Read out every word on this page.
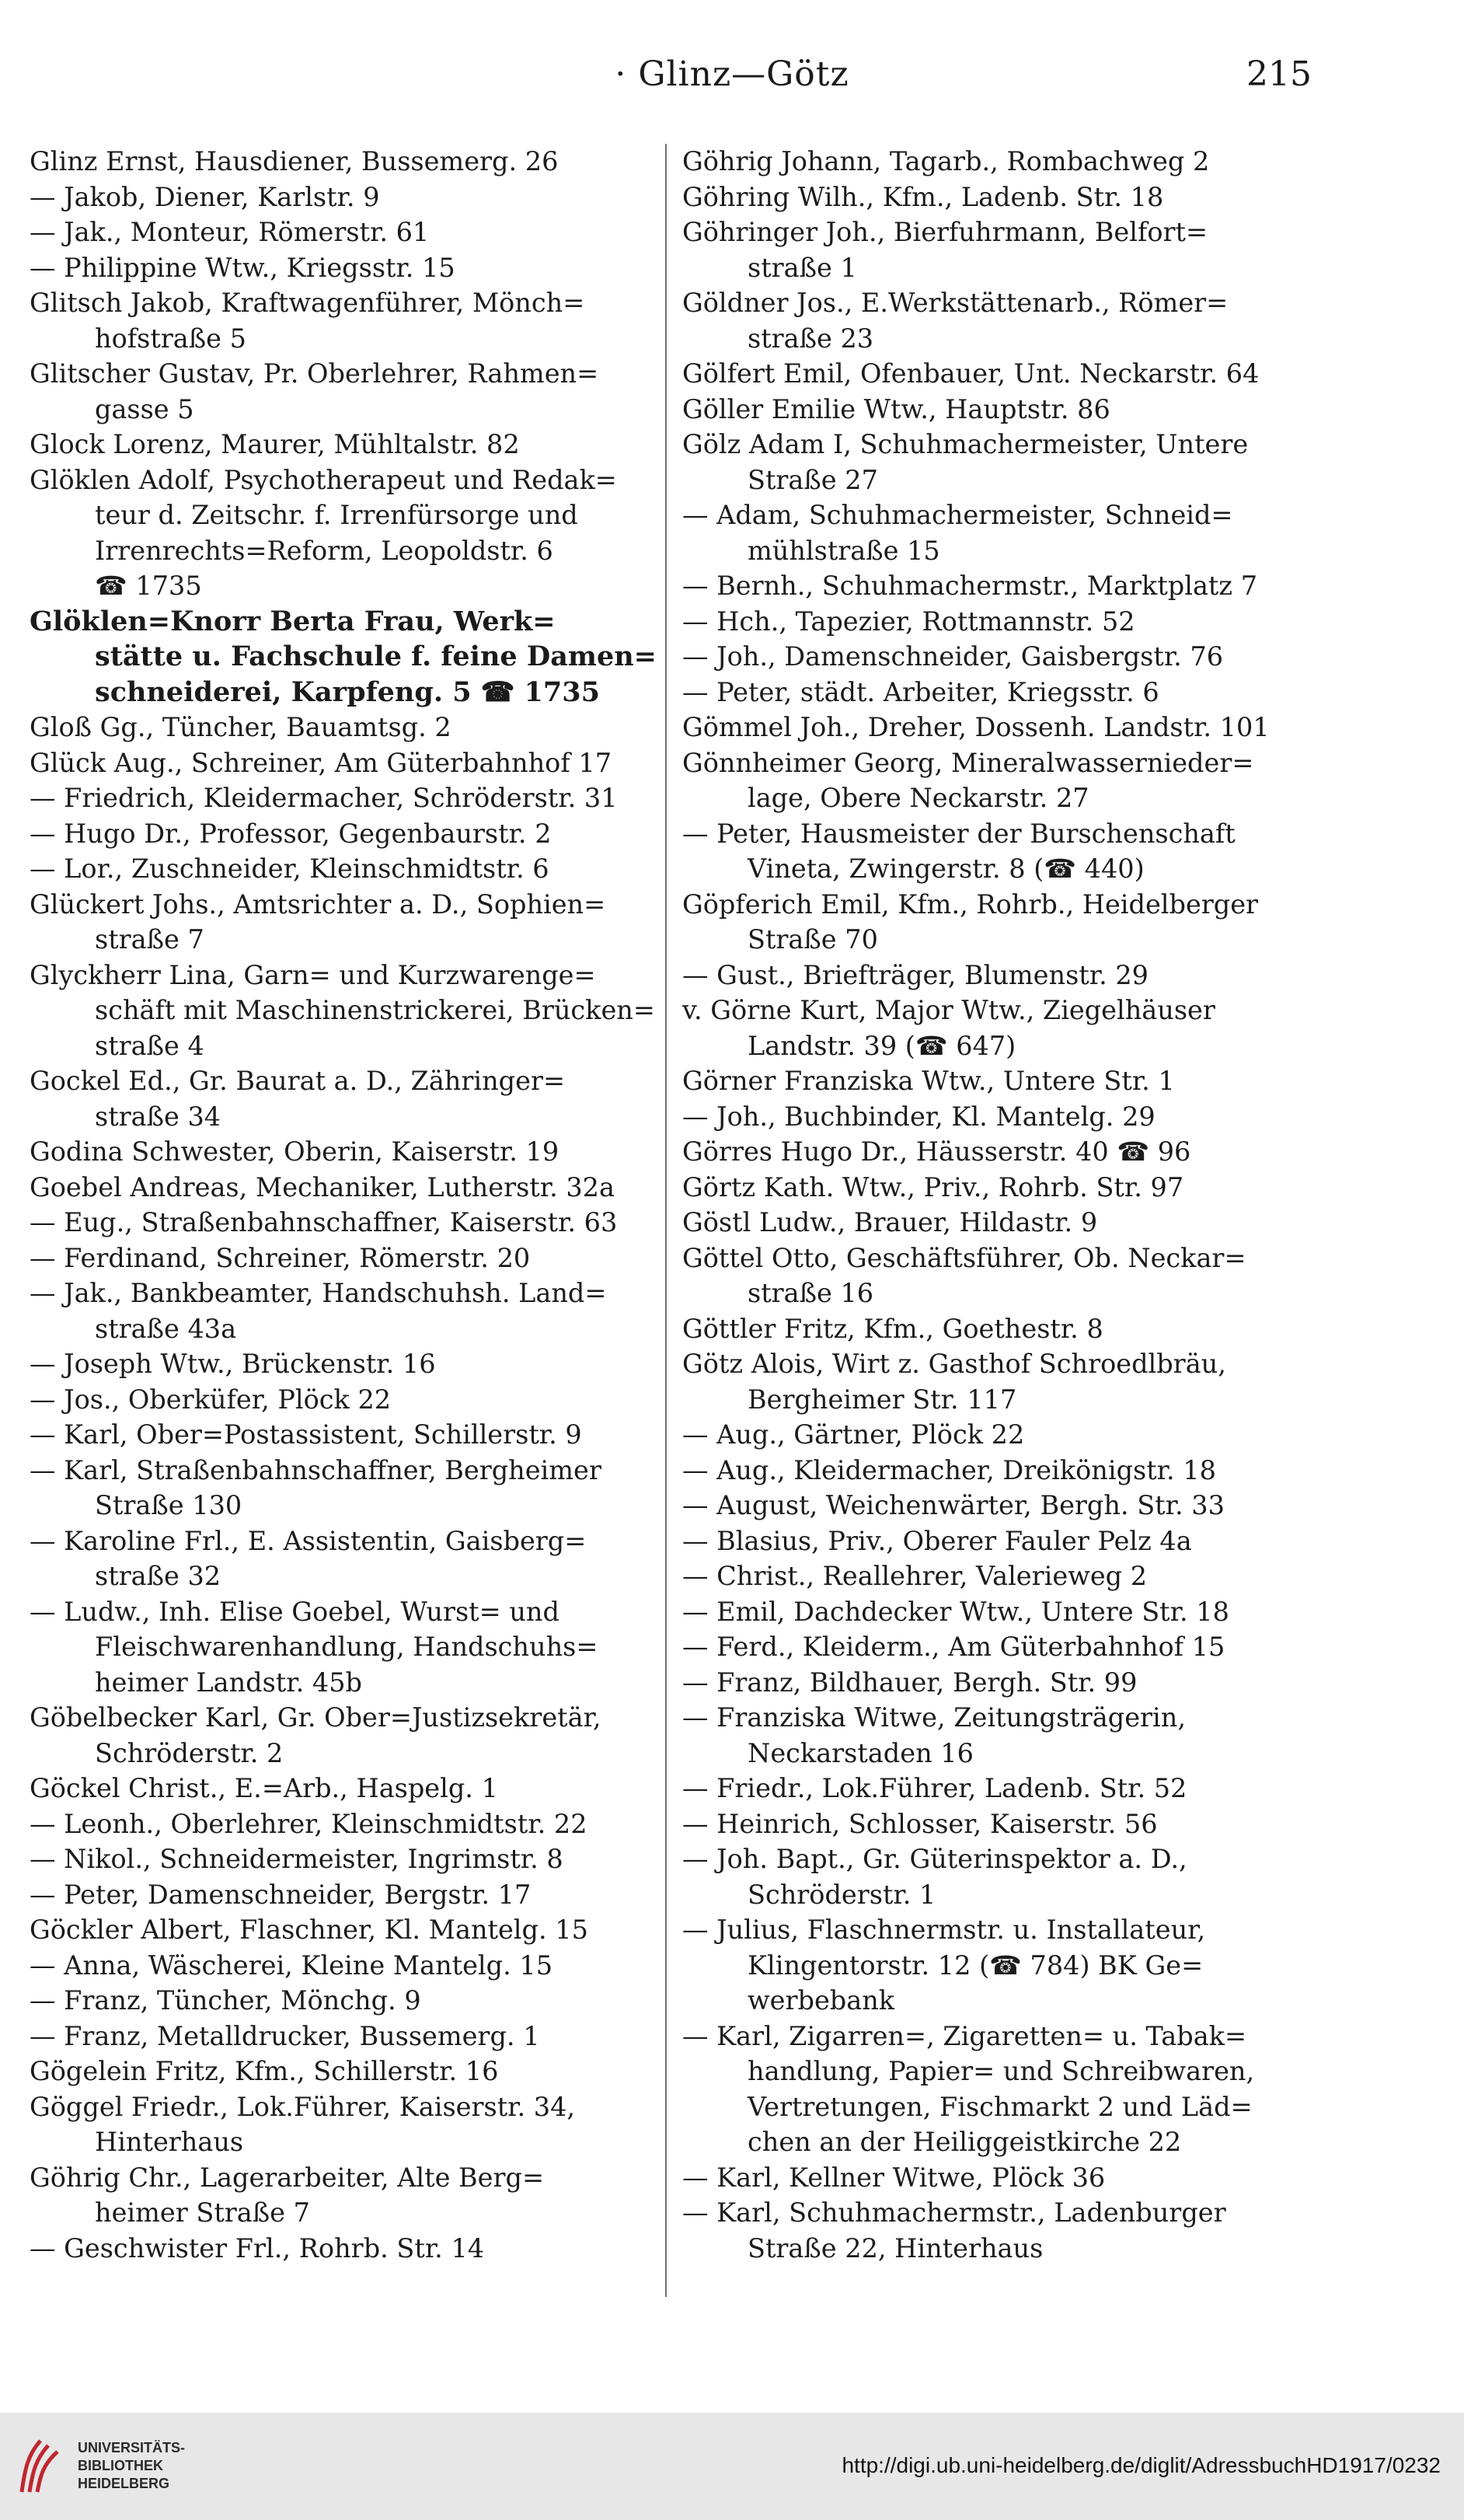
· Glinz—Götz	215
Glinz Ernst, Hausdiener, Bussemerg. 26
— Jakob, Diener, Karlstr. 9
— Jak., Monteur, Römerstr. 61
— Philippine Wtw., Kriegsstr. 15
Glitsch Jakob, Kraftwagenführer, Mönch=
hofstraße 5
Glitscher Gustav, Pr. Oberlehrer, Rahmen=
gasse 5
Glock Lorenz, Maurer, Mühltalstr. 82
Glöklen Adolf, Psychotherapeut und Redak=
teur d. Zeitschr. f. Irrenfürsorge und
Irrenrechts=Reform, Leopoldstr. 6
☎ 1735
Glöklen=Knorr Berta Frau, Werk=
stätte u. Fachschule f. feine Damen=
schneiderei, Karpfeng. 5 ☎ 1735
Gloß Gg., Tüncher, Bauamtsg. 2
Glück Aug., Schreiner, Am Güterbahnhof 17
— Friedrich, Kleidermacher, Schröderstr. 31
— Hugo Dr., Professor, Gegenbaurstr. 2
— Lor., Zuschneider, Kleinschmidtstr. 6
Glückert Johs., Amtsrichter a. D., Sophien=
straße 7
Glyckherr Lina, Garn= und Kurzwarenge=
schäft mit Maschinenstrickerei, Brücken=
straße 4
Gockel Ed., Gr. Baurat a. D., Zähringer=
straße 34
Godina Schwester, Oberin, Kaiserstr. 19
Goebel Andreas, Mechaniker, Lutherstr. 32a
— Eug., Straßenbahnschaffner, Kaiserstr. 63
— Ferdinand, Schreiner, Römerstr. 20
— Jak., Bankbeamter, Handschuhsh. Land=
straße 43a
— Joseph Wtw., Brückenstr. 16
— Jos., Oberküfer, Plöck 22
— Karl, Ober=Postassistent, Schillerstr. 9
— Karl, Straßenbahnschaffner, Bergheimer
Straße 130
— Karoline Frl., E. Assistentin, Gaisberg=
straße 32
— Ludw., Inh. Elise Goebel, Wurst= und
Fleischwarenhandlung, Handschuhs=
heimer Landstr. 45b
Göbelbecker Karl, Gr. Ober=Justizsekretär,
Schröderstr. 2
Göckel Christ., E.=Arb., Haspelg. 1
— Leonh., Oberlehrer, Kleinschmidtstr. 22
— Nikol., Schneidermeister, Ingrimstr. 8
— Peter, Damenschneider, Bergstr. 17
Göckler Albert, Flaschner, Kl. Mantelg. 15
— Anna, Wäscherei, Kleine Mantelg. 15
— Franz, Tüncher, Mönchg. 9
— Franz, Metalldrucker, Bussemerg. 1
Gögelein Fritz, Kfm., Schillerstr. 16
Göggel Friedr., Lok.Führer, Kaiserstr. 34,
Hinterhaus
Göhrig Chr., Lagerarbeiter, Alte Berg=
heimer Straße 7
— Geschwister Frl., Rohrb. Str. 14
Göhrig Johann, Tagarb., Rombachweg 2
Göhring Wilh., Kfm., Ladenb. Str. 18
Göhringer Joh., Bierfuhrmann, Belfort=
straße 1
Göldner Jos., E.Werkstättenarb., Römer=
straße 23
Gölfert Emil, Ofenbauer, Unt. Neckarstr. 64
Göller Emilie Wtw., Hauptstr. 86
Gölz Adam I, Schuhmachermeister, Untere
Straße 27
— Adam, Schuhmachermeister, Schneid=
mühlstraße 15
— Bernh., Schuhmachermstr., Marktplatz 7
— Hch., Tapezier, Rottmannstr. 52
— Joh., Damenschneider, Gaisbergstr. 76
— Peter, städt. Arbeiter, Kriegsstr. 6
Gömmel Joh., Dreher, Dossenh. Landstr. 101
Gönnheimer Georg, Mineralwassernieder=
lage, Obere Neckarstr. 27
— Peter, Hausmeister der Burschenschaft
Vineta, Zwingerstr. 8 (☎ 440)
Göpferich Emil, Kfm., Rohrb., Heidelberger
Straße 70
— Gust., Briefträger, Blumenstr. 29
v. Görne Kurt, Major Wtw., Ziegelhäuser
Landstr. 39 (☎ 647)
Görner Franziska Wtw., Untere Str. 1
— Joh., Buchbinder, Kl. Mantelg. 29
Görres Hugo Dr., Häusserstr. 40 ☎ 96
Görtz Kath. Wtw., Priv., Rohrb. Str. 97
Göstl Ludw., Brauer, Hildastr. 9
Göttel Otto, Geschäftsführer, Ob. Neckar=
straße 16
Göttler Fritz, Kfm., Goethestr. 8
Götz Alois, Wirt z. Gasthof Schroedlbräu,
Bergheimer Str. 117
— Aug., Gärtner, Plöck 22
— Aug., Kleidermacher, Dreikönigstr. 18
— August, Weichenwärter, Bergh. Str. 33
— Blasius, Priv., Oberer Fauler Pelz 4a
— Christ., Reallehrer, Valerieweg 2
— Emil, Dachdecker Wtw., Untere Str. 18
— Ferd., Kleiderm., Am Güterbahnhof 15
— Franz, Bildhauer, Bergh. Str. 99
— Franziska Witwe, Zeitungsträgerin,
Neckarstaden 16
— Friedr., Lok.Führer, Ladenb. Str. 52
— Heinrich, Schlosser, Kaiserstr. 56
— Joh. Bapt., Gr. Güterinspektor a. D.,
Schröderstr. 1
— Julius, Flaschnermstr. u. Installateur,
Klingentorstr. 12 (☎ 784) BK Ge=
werbebank
— Karl, Zigarren=, Zigaretten= u. Tabak=
handlung, Papier= und Schreibwaren,
Vertretungen, Fischmarkt 2 und Läd=
chen an der Heiliggeistkirche 22
— Karl, Kellner Witwe, Plöck 36
— Karl, Schuhmachermstr., Ladenburger
Straße 22, Hinterhaus
UNIVERSITÄTS-
BIBLIOTHEK
HEIDELBERG
http://digi.ub.uni-heidelberg.de/diglit/AdressbuchHD1917/0232
